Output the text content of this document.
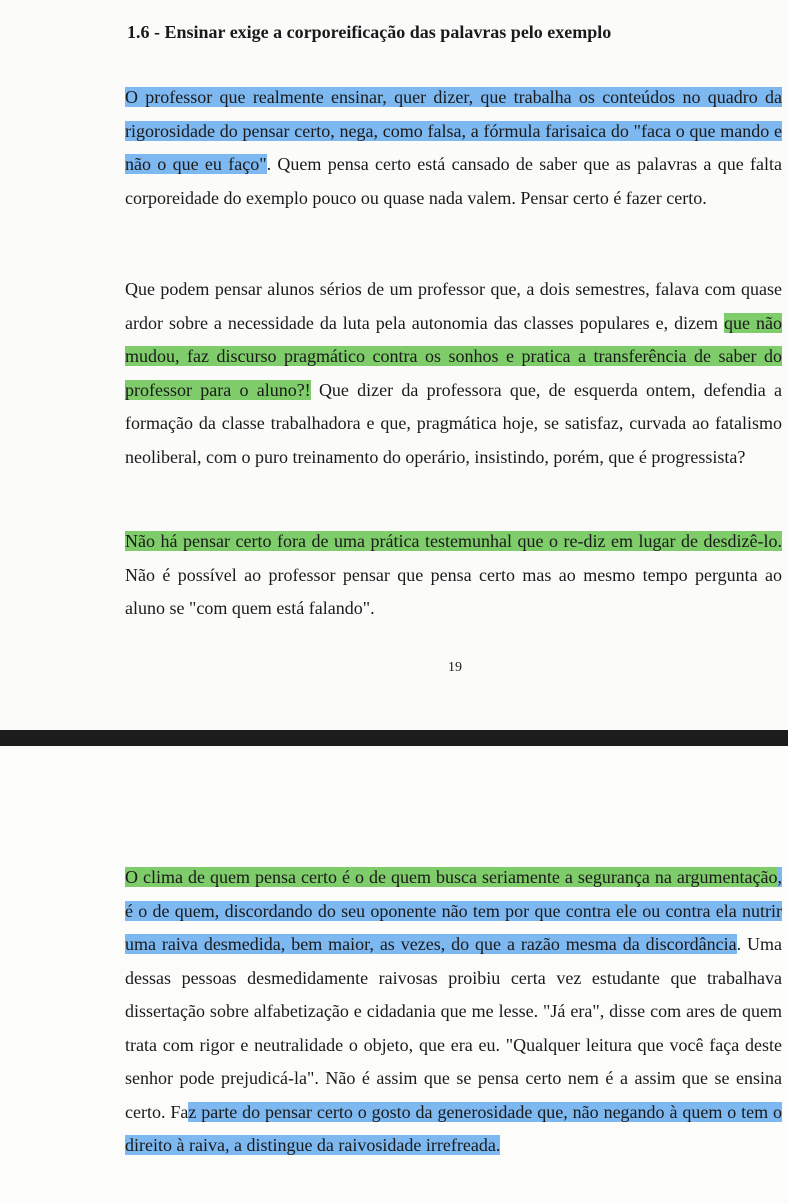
1.6 - Ensinar exige a corporeificação das palavras pelo exemplo

O professor que realmente ensinar, quer dizer, que trabalha os conteúdos no quadro da rigorosidade do pensar certo, nega, como falsa, a fórmula farisaica do "faca o que mando e não o que eu faço". Quem pensa certo está cansado de saber que as palavras a que falta corporeidade do exemplo pouco ou quase nada valem. Pensar certo é fazer certo.

Que podem pensar alunos sérios de um professor que, a dois semestres, falava com quase ardor sobre a necessidade da luta pela autonomia das classes populares e, dizem que não mudou, faz discurso pragmático contra os sonhos e pratica a transferência de saber do professor para o aluno?! Que dizer da professora que, de esquerda ontem, defendia a formação da classe trabalhadora e que, pragmática hoje, se satisfaz, curvada ao fatalismo neoliberal, com o puro treinamento do operário, insistindo, porém, que é progressista?

Não há pensar certo fora de uma prática testemunhal que o re-diz em lugar de desdizê-lo. Não é possível ao professor pensar que pensa certo mas ao mesmo tempo pergunta ao aluno se "com quem está falando".

19

O clima de quem pensa certo é o de quem busca seriamente a segurança na argumentação, é o de quem, discordando do seu oponente não tem por que contra ele ou contra ela nutrir uma raiva desmedida, bem maior, as vezes, do que a razão mesma da discordância. Uma dessas pessoas desmedidamente raivosas proibiu certa vez estudante que trabalhava dissertação sobre alfabetização e cidadania que me lesse. "Já era", disse com ares de quem trata com rigor e neutralidade o objeto, que era eu. "Qualquer leitura que você faça deste senhor pode prejudicá-la". Não é assim que se pensa certo nem é a assim que se ensina certo. Faz parte do pensar certo o gosto da generosidade que, não negando à quem o tem o direito à raiva, a distingue da raivosidade irrefreada.
